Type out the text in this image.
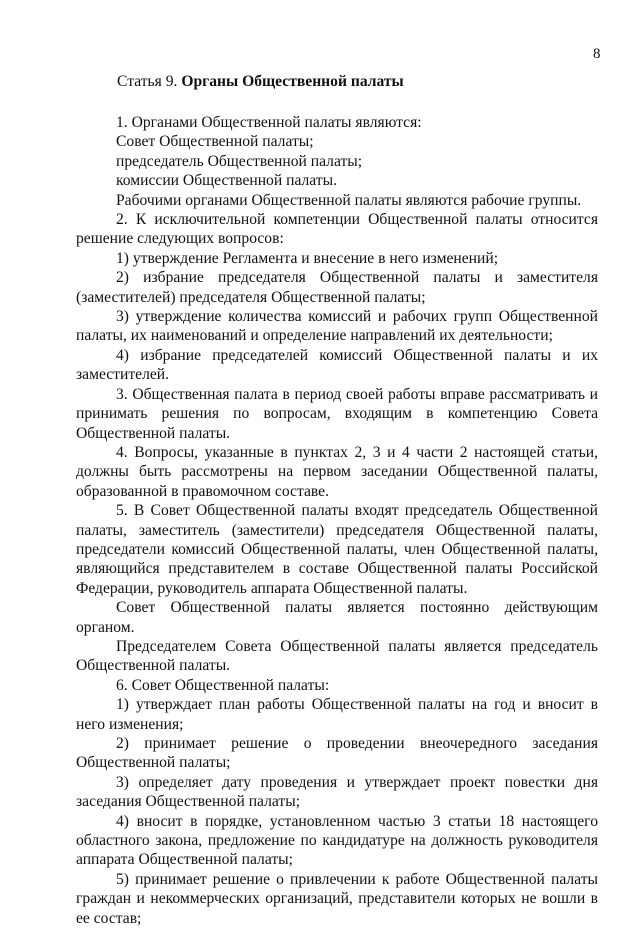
8
Статья 9. Органы Общественной палаты

1. Органами Общественной палаты являются:

Совет Общественной палаты;

председатель Общественной палаты;

комиссии Общественной палаты.

Рабочими органами Общественной палаты являются рабочие группы.

2. К исключительной компетенции Общественной палаты относится решение следующих вопросов:

1) утверждение Регламента и внесение в него изменений;

2) избрание председателя Общественной палаты и заместителя (заместителей) председателя Общественной палаты;

3) утверждение количества комиссий и рабочих групп Общественной палаты, их наименований и определение направлений их деятельности;

4) избрание председателей комиссий Общественной палаты и их заместителей.

3. Общественная палата в период своей работы вправе рассматривать и принимать решения по вопросам, входящим в компетенцию Совета Общественной палаты.

4. Вопросы, указанные в пунктах 2, 3 и 4 части 2 настоящей статьи, должны быть рассмотрены на первом заседании Общественной палаты, образованной в правомочном составе.

5. В Совет Общественной палаты входят председатель Общественной палаты, заместитель (заместители) председателя Общественной палаты, председатели комиссий Общественной палаты, член Общественной палаты, являющийся представителем в составе Общественной палаты Российской Федерации, руководитель аппарата Общественной палаты.

Совет Общественной палаты является постоянно действующим органом.

Председателем Совета Общественной палаты является председатель Общественной палаты.

6. Совет Общественной палаты:

1) утверждает план работы Общественной палаты на год и вносит в него изменения;

2) принимает решение о проведении внеочередного заседания Общественной палаты;

3) определяет дату проведения и утверждает проект повестки дня заседания Общественной палаты;

4) вносит в порядке, установленном частью 3 статьи 18 настоящего областного закона, предложение по кандидатуре на должность руководителя аппарата Общественной палаты;

5) принимает решение о привлечении к работе Общественной палаты граждан и некоммерческих организаций, представители которых не вошли в ее состав;
